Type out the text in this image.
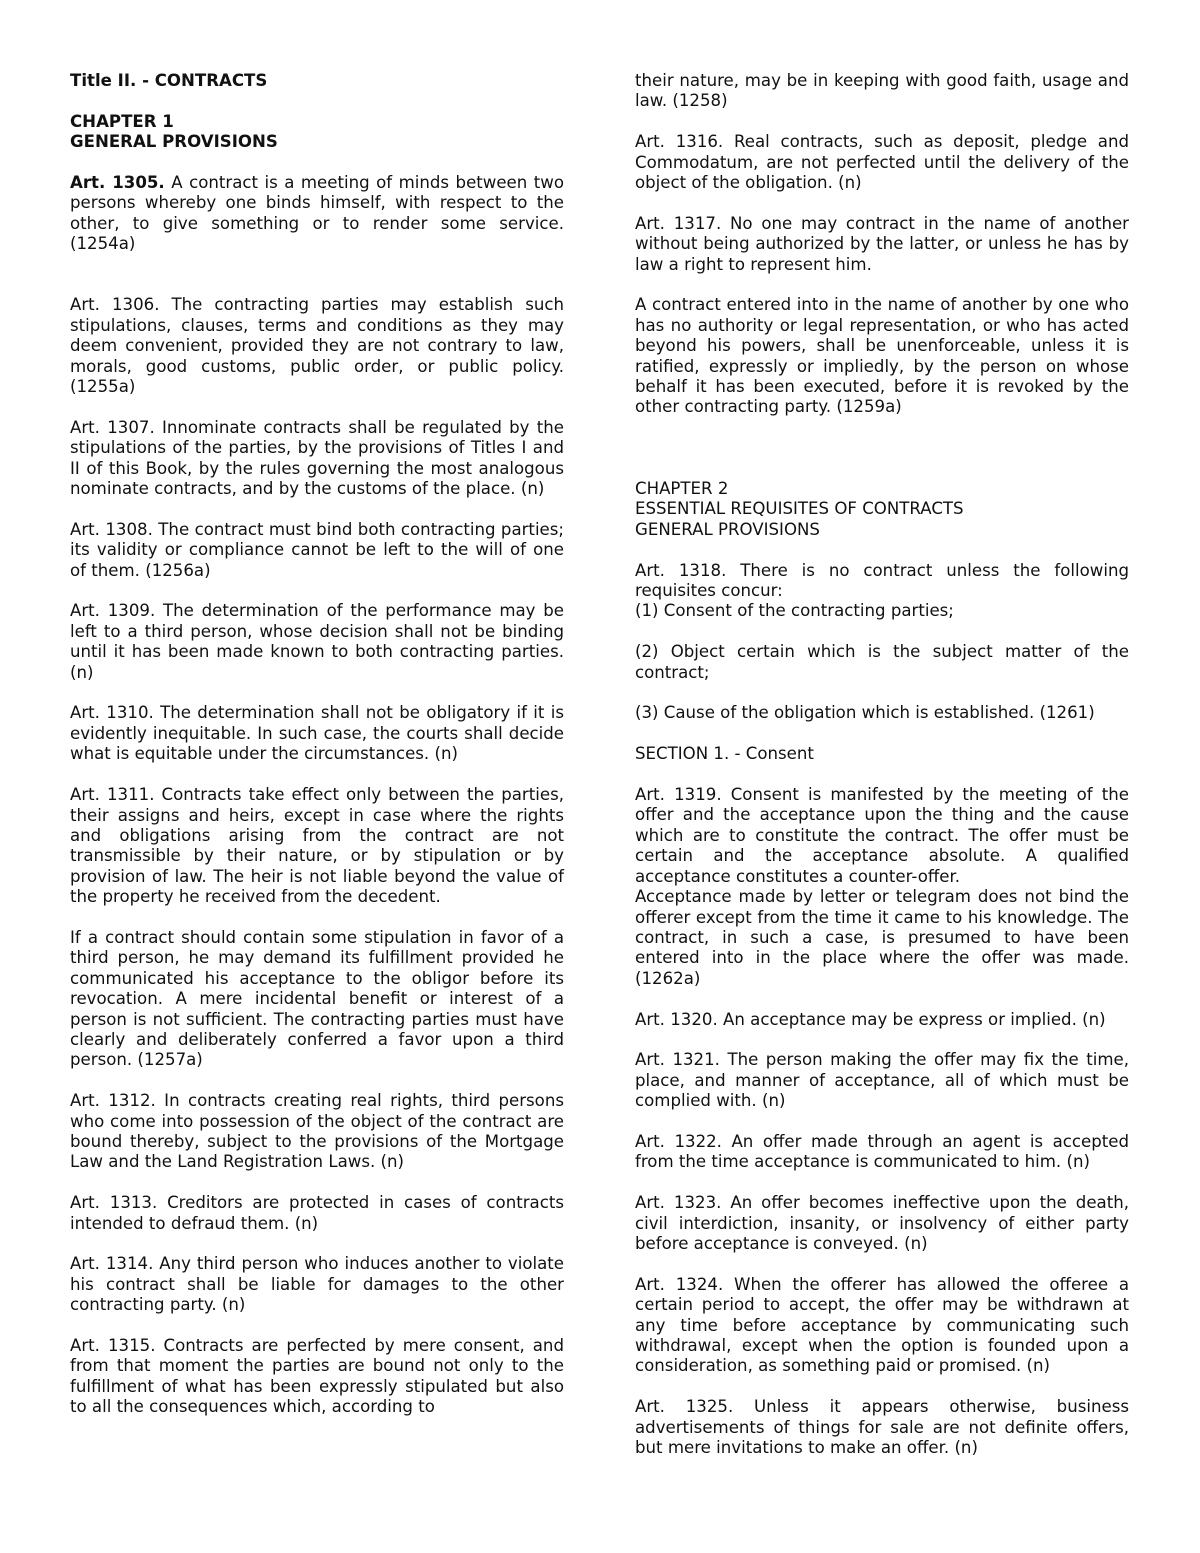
Title II. - CONTRACTS
CHAPTER 1
GENERAL PROVISIONS

Art. 1305. A contract is a meeting of minds between two persons whereby one binds himself, with respect to the other, to give something or to render some service. (1254a)

Art. 1306. The contracting parties may establish such stipulations, clauses, terms and conditions as they may deem convenient, provided they are not contrary to law, morals, good customs, public order, or public policy. (1255a)

Art. 1307. Innominate contracts shall be regulated by the stipulations of the parties, by the provisions of Titles I and II of this Book, by the rules governing the most analogous nominate contracts, and by the customs of the place. (n)

Art. 1308. The contract must bind both contracting parties; its validity or compliance cannot be left to the will of one of them. (1256a)

Art. 1309. The determination of the performance may be left to a third person, whose decision shall not be binding until it has been made known to both contracting parties. (n)

Art. 1310. The determination shall not be obligatory if it is evidently inequitable. In such case, the courts shall decide what is equitable under the circumstances. (n)

Art. 1311. Contracts take effect only between the parties, their assigns and heirs, except in case where the rights and obligations arising from the contract are not transmissible by their nature, or by stipulation or by provision of law. The heir is not liable beyond the value of the property he received from the decedent.

If a contract should contain some stipulation in favor of a third person, he may demand its fulfillment provided he communicated his acceptance to the obligor before its revocation. A mere incidental benefit or interest of a person is not sufficient. The contracting parties must have clearly and deliberately conferred a favor upon a third person. (1257a)

Art. 1312. In contracts creating real rights, third persons who come into possession of the object of the contract are bound thereby, subject to the provisions of the Mortgage Law and the Land Registration Laws. (n)

Art. 1313. Creditors are protected in cases of contracts intended to defraud them. (n)

Art. 1314. Any third person who induces another to violate his contract shall be liable for damages to the other contracting party. (n)

Art. 1315. Contracts are perfected by mere consent, and from that moment the parties are bound not only to the fulfillment of what has been expressly stipulated but also to all the consequences which, according to

their nature, may be in keeping with good faith, usage and law. (1258)

Art. 1316. Real contracts, such as deposit, pledge and Commodatum, are not perfected until the delivery of the object of the obligation. (n)

Art. 1317. No one may contract in the name of another without being authorized by the latter, or unless he has by law a right to represent him.

A contract entered into in the name of another by one who has no authority or legal representation, or who has acted beyond his powers, shall be unenforceable, unless it is ratified, expressly or impliedly, by the person on whose behalf it has been executed, before it is revoked by the other contracting party. (1259a)

CHAPTER 2
ESSENTIAL REQUISITES OF CONTRACTS
GENERAL PROVISIONS

Art. 1318. There is no contract unless the following requisites concur:

(1) Consent of the contracting parties;

(2) Object certain which is the subject matter of the contract;

(3) Cause of the obligation which is established. (1261)

SECTION 1. - Consent

Art. 1319. Consent is manifested by the meeting of the offer and the acceptance upon the thing and the cause which are to constitute the contract. The offer must be certain and the acceptance absolute. A qualified acceptance constitutes a counter-offer.

Acceptance made by letter or telegram does not bind the offerer except from the time it came to his knowledge. The contract, in such a case, is presumed to have been entered into in the place where the offer was made. (1262a)

Art. 1320. An acceptance may be express or implied. (n)

Art. 1321. The person making the offer may fix the time, place, and manner of acceptance, all of which must be complied with. (n)

Art. 1322. An offer made through an agent is accepted from the time acceptance is communicated to him. (n)

Art. 1323. An offer becomes ineffective upon the death, civil interdiction, insanity, or insolvency of either party before acceptance is conveyed. (n)

Art. 1324. When the offerer has allowed the offeree a certain period to accept, the offer may be withdrawn at any time before acceptance by communicating such withdrawal, except when the option is founded upon a consideration, as something paid or promised. (n)

Art. 1325. Unless it appears otherwise, business advertisements of things for sale are not definite offers, but mere invitations to make an offer. (n)
